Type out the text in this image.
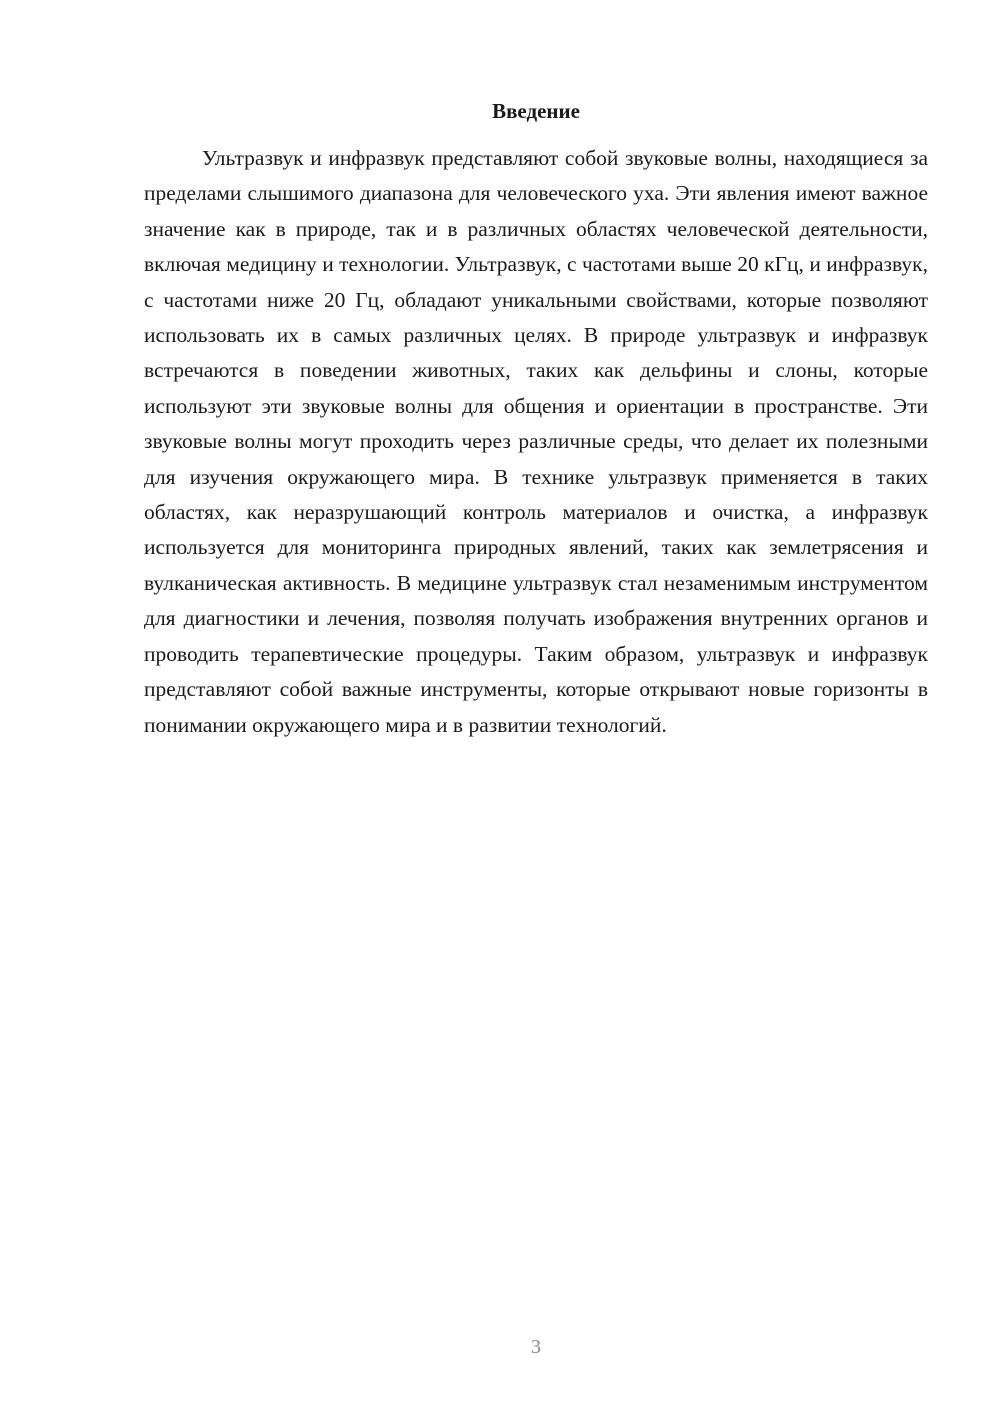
Введение

Ультразвук и инфразвук представляют собой звуковые волны, находящиеся за пределами слышимого диапазона для человеческого уха. Эти явления имеют важное значение как в природе, так и в различных областях человеческой деятельности, включая медицину и технологии. Ультразвук, с частотами выше 20 кГц, и инфразвук, с частотами ниже 20 Гц, обладают уникальными свойствами, которые позволяют использовать их в самых различных целях. В природе ультразвук и инфразвук встречаются в поведении животных, таких как дельфины и слоны, которые используют эти звуковые волны для общения и ориентации в пространстве. Эти звуковые волны могут проходить через различные среды, что делает их полезными для изучения окружающего мира. В технике ультразвук применяется в таких областях, как неразрушающий контроль материалов и очистка, а инфразвук используется для мониторинга природных явлений, таких как землетрясения и вулканическая активность. В медицине ультразвук стал незаменимым инструментом для диагностики и лечения, позволяя получать изображения внутренних органов и проводить терапевтические процедуры. Таким образом, ультразвук и инфразвук представляют собой важные инструменты, которые открывают новые горизонты в понимании окружающего мира и в развитии технологий.

3
